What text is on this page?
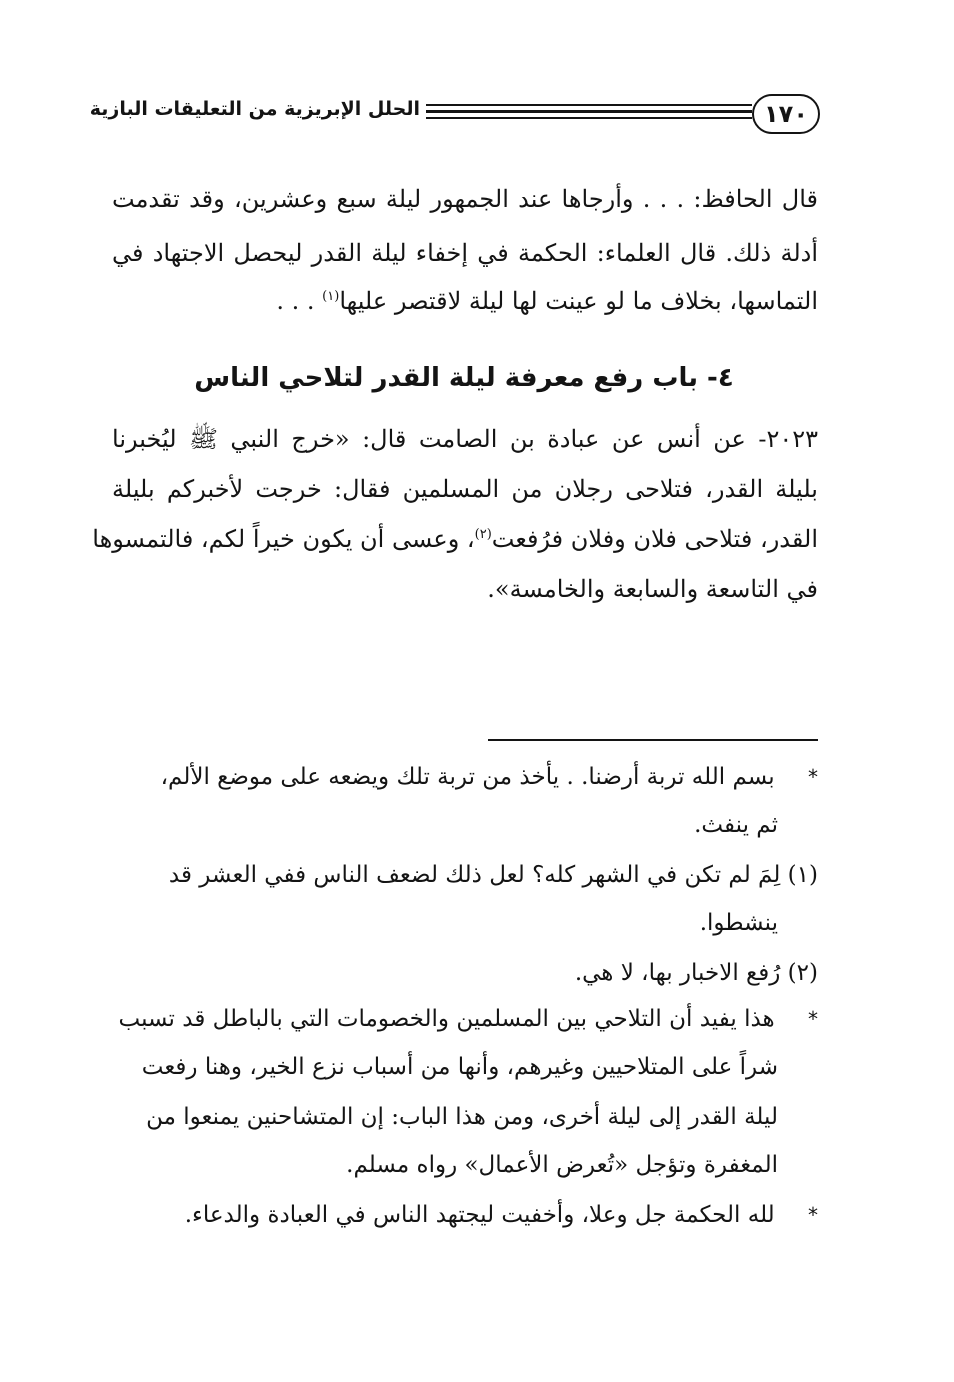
١٧٠
الحلل الإبريزية من التعليقات البازية
قال الحافظ: . . . وأرجاها عند الجمهور ليلة سبع وعشرين، وقد تقدمت
أدلة ذلك. قال العلماء: الحكمة في إخفاء ليلة القدر ليحصل الاجتهاد في
التماسها، بخلاف ما لو عينت لها ليلة لاقتصر عليها$^{(١)}$ . . .
٤- باب رفع معرفة ليلة القدر لتلاحي الناس
٢٠٢٣- عن أنس عن عبادة بن الصامت قال: «خرج النبي ﷺ ليُخبرنا
بليلة القدر، فتلاحى رجلان من المسلمين فقال: خرجت لأخبركم بليلة
القدر، فتلاحى فلان وفلان فرُفعت$^{(٢)}$، وعسى أن يكون خيراً لكم، فالتمسوها
في التاسعة والسابعة والخامسة».
* بسم الله تربة أرضنا. . يأخذ من تربة تلك ويضعه على موضع الألم،
ثم ينفث.
(١) لِمَ لم تكن في الشهر كله؟ لعل ذلك لضعف الناس ففي العشر قد
ينشطوا.
(٢) رُفع الاخبار بها، لا هي.
* هذا يفيد أن التلاحي بين المسلمين والخصومات التي بالباطل قد تسبب
شراً على المتلاحيين وغيرهم، وأنها من أسباب نزع الخير، وهنا رفعت
ليلة القدر إلى ليلة أخرى، ومن هذا الباب: إن المتشاحنين يمنعوا من
المغفرة وتؤجل «تُعرض الأعمال» رواه مسلم.
* لله الحكمة جل وعلا، وأخفيت ليجتهد الناس في العبادة والدعاء.
